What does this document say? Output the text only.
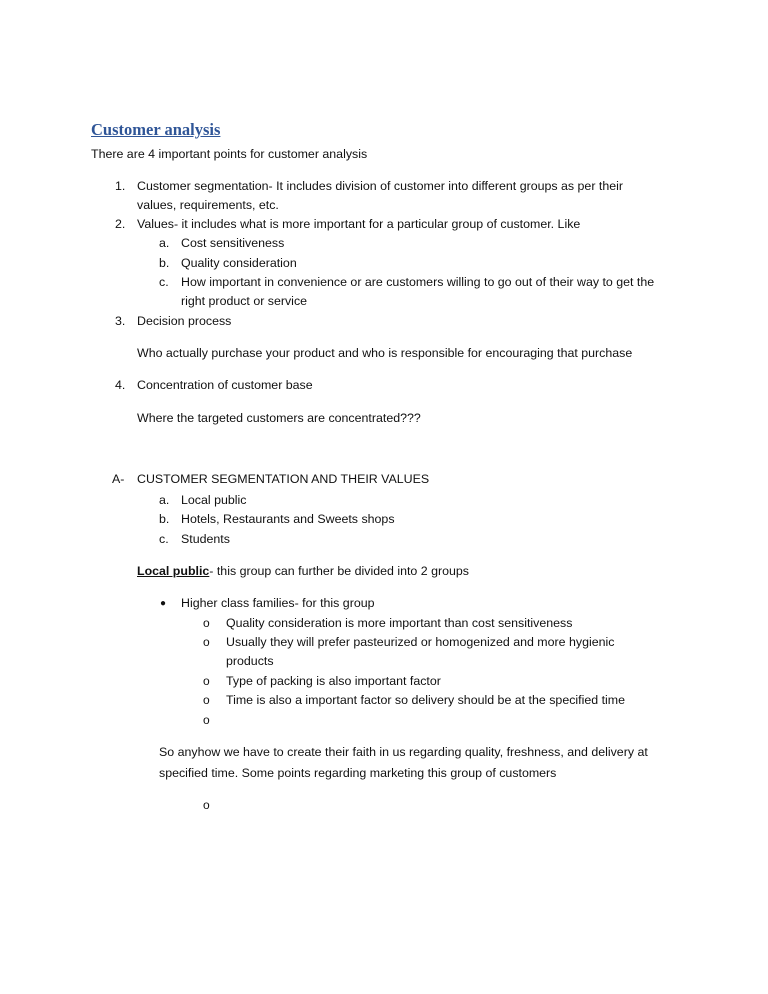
Customer analysis
There are 4 important points for customer analysis
1. Customer segmentation- It includes division of customer into different groups as per their
values, requirements, etc.
2. Values- it includes what is more important for a particular group of customer. Like
a. Cost sensitiveness
b. Quality consideration
c. How important in convenience or are customers willing to go out of their way to get the
right product or service
3. Decision process
Who actually purchase your product and who is responsible for encouraging that purchase
4. Concentration of customer base
Where the targeted customers are concentrated???
A- CUSTOMER SEGMENTATION AND THEIR VALUES
a. Local public
b. Hotels, Restaurants and Sweets shops
c. Students
Local public- this group can further be divided into 2 groups
● Higher class families- for this group
o Quality consideration is more important than cost sensitiveness
o Usually they will prefer pasteurized or homogenized and more hygienic
products
o Type of packing is also important factor
o Time is also a important factor so delivery should be at the specified time
o
So anyhow we have to create their faith in us regarding quality, freshness, and delivery at
specified time. Some points regarding marketing this group of customers
o
